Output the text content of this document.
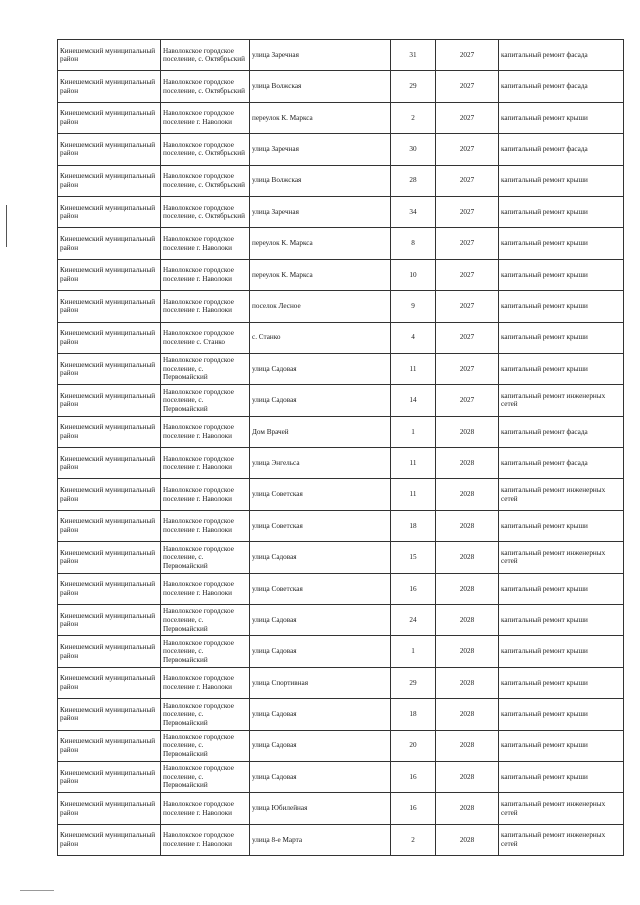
Кинешемский муниципальный район	Наволокское городское поселение, с. Октябрьский	улица Заречная	31	2027	капитальный ремонт фасада
Кинешемский муниципальный район	Наволокское городское поселение, с. Октябрьский	улица Волжская	29	2027	капитальный ремонт фасада
Кинешемский муниципальный район	Наволокское городское поселение г. Наволоки	переулок К. Маркса	2	2027	капитальный ремонт крыши
Кинешемский муниципальный район	Наволокское городское поселение, с. Октябрьский	улица Заречная	30	2027	капитальный ремонт фасада
Кинешемский муниципальный район	Наволокское городское поселение, с. Октябрьский	улица Волжская	28	2027	капитальный ремонт крыши
Кинешемский муниципальный район	Наволокское городское поселение, с. Октябрьский	улица Заречная	34	2027	капитальный ремонт крыши
Кинешемский муниципальный район	Наволокское городское поселение г. Наволоки	переулок К. Маркса	8	2027	капитальный ремонт крыши
Кинешемский муниципальный район	Наволокское городское поселение г. Наволоки	переулок К. Маркса	10	2027	капитальный ремонт крыши
Кинешемский муниципальный район	Наволокское городское поселение г. Наволоки	поселок Лесное	9	2027	капитальный ремонт крыши
Кинешемский муниципальный район	Наволокское городское поселение с. Станко	с. Станко	4	2027	капитальный ремонт крыши
Кинешемский муниципальный район	Наволокское городское поселение, с. Первомайский	улица Садовая	11	2027	капитальный ремонт крыши
Кинешемский муниципальный район	Наволокское городское поселение, с. Первомайский	улица Садовая	14	2027	капитальный ремонт инженерных сетей
Кинешемский муниципальный район	Наволокское городское поселение г. Наволоки	Дом Врачей	1	2028	капитальный ремонт фасада
Кинешемский муниципальный район	Наволокское городское поселение г. Наволоки	улица Энгельса	11	2028	капитальный ремонт фасада
Кинешемский муниципальный район	Наволокское городское поселение г. Наволоки	улица Советская	11	2028	капитальный ремонт инженерных сетей
Кинешемский муниципальный район	Наволокское городское поселение г. Наволоки	улица Советская	18	2028	капитальный ремонт крыши
Кинешемский муниципальный район	Наволокское городское поселение, с. Первомайский	улица Садовая	15	2028	капитальный ремонт инженерных сетей
Кинешемский муниципальный район	Наволокское городское поселение г. Наволоки	улица Советская	16	2028	капитальный ремонт крыши
Кинешемский муниципальный район	Наволокское городское поселение, с. Первомайский	улица Садовая	24	2028	капитальный ремонт крыши
Кинешемский муниципальный район	Наволокское городское поселение, с. Первомайский	улица Садовая	1	2028	капитальный ремонт крыши
Кинешемский муниципальный район	Наволокское городское поселение г. Наволоки	улица Спортивная	29	2028	капитальный ремонт крыши
Кинешемский муниципальный район	Наволокское городское поселение, с. Первомайский	улица Садовая	18	2028	капитальный ремонт крыши
Кинешемский муниципальный район	Наволокское городское поселение, с. Первомайский	улица Садовая	20	2028	капитальный ремонт крыши
Кинешемский муниципальный район	Наволокское городское поселение, с. Первомайский	улица Садовая	16	2028	капитальный ремонт крыши
Кинешемский муниципальный район	Наволокское городское поселение г. Наволоки	улица Юбилейная	16	2028	капитальный ремонт инженерных сетей
Кинешемский муниципальный район	Наволокское городское поселение г. Наволоки	улица 8-е Марта	2	2028	капитальный ремонт инженерных сетей
